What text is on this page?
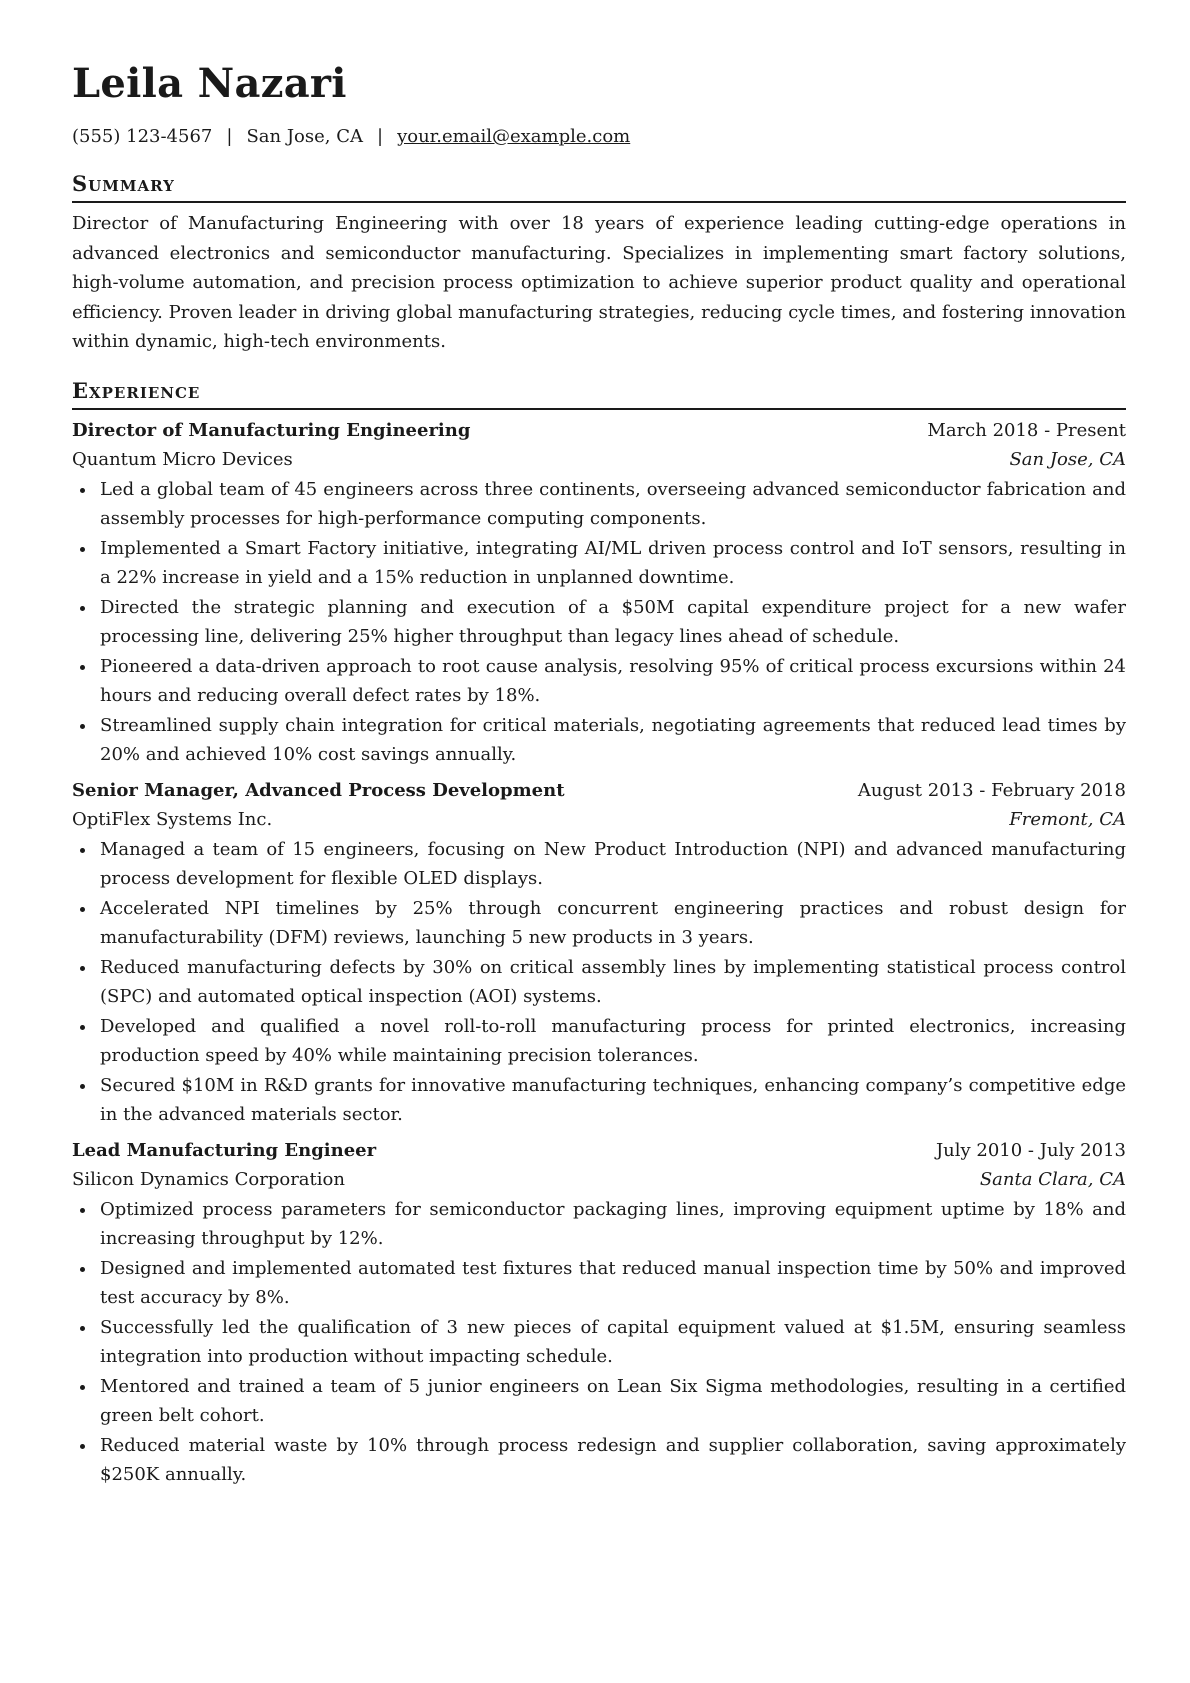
Leila Nazari
(555) 123-4567 | San Jose, CA | your.email@example.com
Summary

Director of Manufacturing Engineering with over 18 years of experience leading cutting-edge operations in advanced electronics and semiconductor manufacturing. Specializes in implementing smart factory solutions, high-volume automation, and precision process optimization to achieve superior product quality and operational efficiency. Proven leader in driving global manufacturing strategies, reducing cycle times, and fostering innovation within dynamic, high-tech environments.

Experience
Director of Manufacturing Engineering	March 2018 - Present
Quantum Micro Devices	San Jose, CA
Led a global team of 45 engineers across three continents, overseeing advanced semiconductor fabrication and assembly processes for high-performance computing components.
Implemented a Smart Factory initiative, integrating AI/ML driven process control and IoT sensors, resulting in a 22% increase in yield and a 15% reduction in unplanned downtime.
Directed the strategic planning and execution of a $50M capital expenditure project for a new wafer processing line, delivering 25% higher throughput than legacy lines ahead of schedule.
Pioneered a data-driven approach to root cause analysis, resolving 95% of critical process excursions within 24 hours and reducing overall defect rates by 18%.
Streamlined supply chain integration for critical materials, negotiating agreements that reduced lead times by 20% and achieved 10% cost savings annually.
Senior Manager, Advanced Process Development	August 2013 - February 2018
OptiFlex Systems Inc.	Fremont, CA
Managed a team of 15 engineers, focusing on New Product Introduction (NPI) and advanced manufacturing process development for flexible OLED displays.
Accelerated NPI timelines by 25% through concurrent engineering practices and robust design for manufacturability (DFM) reviews, launching 5 new products in 3 years.
Reduced manufacturing defects by 30% on critical assembly lines by implementing statistical process control (SPC) and automated optical inspection (AOI) systems.
Developed and qualified a novel roll-to-roll manufacturing process for printed electronics, increasing production speed by 40% while maintaining precision tolerances.
Secured $10M in R&D grants for innovative manufacturing techniques, enhancing company’s competitive edge in the advanced materials sector.
Lead Manufacturing Engineer	July 2010 - July 2013
Silicon Dynamics Corporation	Santa Clara, CA
Optimized process parameters for semiconductor packaging lines, improving equipment uptime by 18% and increasing throughput by 12%.
Designed and implemented automated test fixtures that reduced manual inspection time by 50% and improved test accuracy by 8%.
Successfully led the qualification of 3 new pieces of capital equipment valued at $1.5M, ensuring seamless integration into production without impacting schedule.
Mentored and trained a team of 5 junior engineers on Lean Six Sigma methodologies, resulting in a certified green belt cohort.
Reduced material waste by 10% through process redesign and supplier collaboration, saving approximately $250K annually.
